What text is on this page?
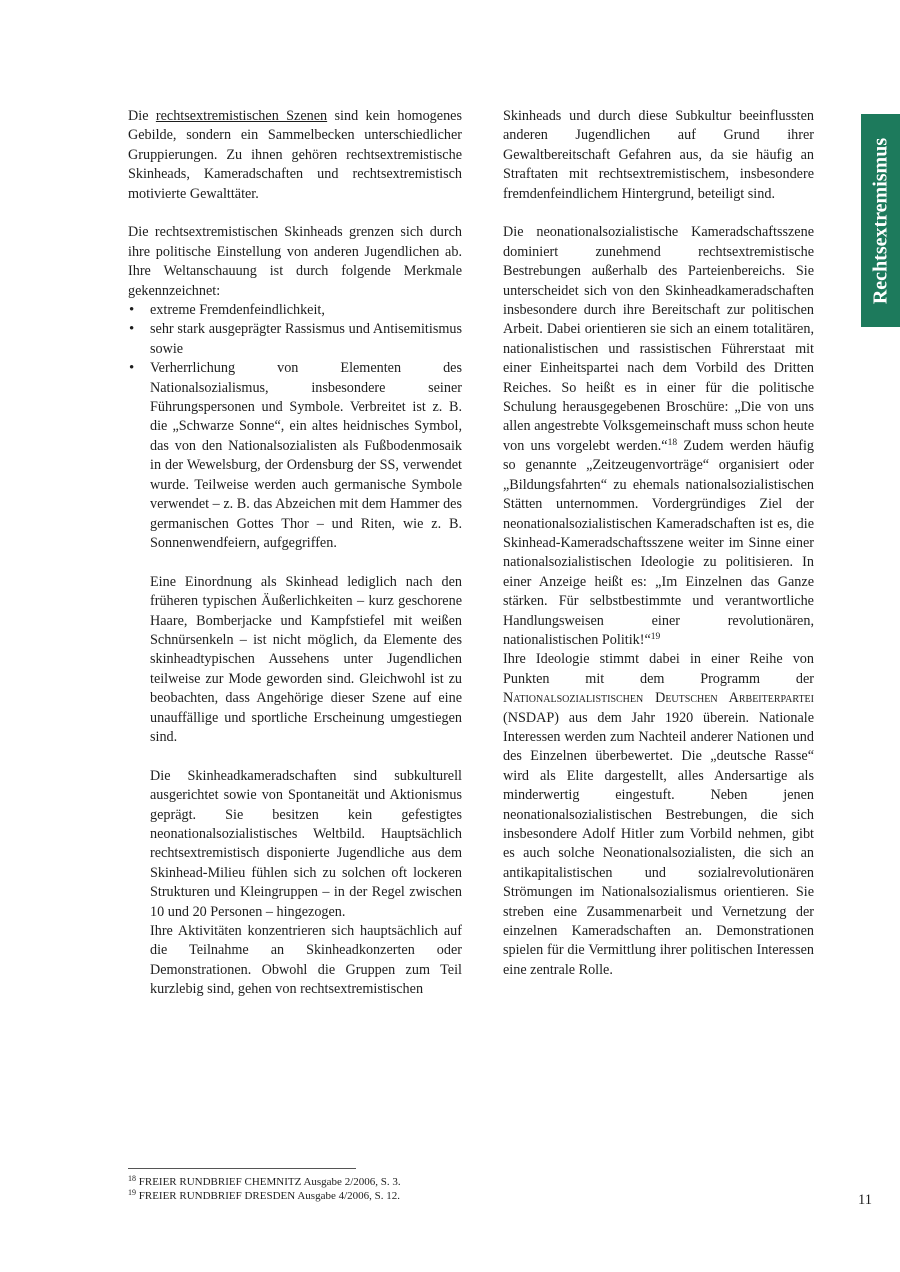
Rechtsextremismus

Die rechtsextremistischen Szenen sind kein homogenes Gebilde, sondern ein Sammelbecken unterschiedlicher Gruppierungen. Zu ihnen gehören rechtsextremistische Skinheads, Kameradschaften und rechtsextremistisch motivierte Gewalttäter.

Die rechtsextremistischen Skinheads grenzen sich durch ihre politische Einstellung von anderen Jugendlichen ab. Ihre Weltanschauung ist durch folgende Merkmale gekennzeichnet:

• extreme Fremdenfeindlichkeit,
• sehr stark ausgeprägter Rassismus und Antisemitismus sowie
• Verherrlichung von Elementen des Nationalsozialismus, insbesondere seiner Führungspersonen und Symbole. Verbreitet ist z. B. die „Schwarze Sonne“, ein altes heidnisches Symbol, das von den Nationalsozialisten als Fußbodenmosaik in der Wewelsburg, der Ordensburg der SS, verwendet wurde. Teilweise werden auch germanische Symbole verwendet – z. B. das Abzeichen mit dem Hammer des germanischen Gottes Thor – und Riten, wie z. B. Sonnenwendfeiern, aufgegriffen.

Eine Einordnung als Skinhead lediglich nach den früheren typischen Äußerlichkeiten – kurz geschorene Haare, Bomberjacke und Kampfstiefel mit weißen Schnürsenkeln – ist nicht möglich, da Elemente des skinheadtypischen Aussehens unter Jugendlichen teilweise zur Mode geworden sind. Gleichwohl ist zu beobachten, dass Angehörige dieser Szene auf eine unauffällige und sportliche Erscheinung umgestiegen sind.

Die Skinheadkameradschaften sind subkulturell ausgerichtet sowie von Spontaneität und Aktionismus geprägt. Sie besitzen kein gefestigtes neonationalsozialistisches Weltbild. Hauptsächlich rechtsextremistisch disponierte Jugendliche aus dem Skinhead-Milieu fühlen sich zu solchen oft lockeren Strukturen und Kleingruppen – in der Regel zwischen 10 und 20 Personen – hingezogen.

Ihre Aktivitäten konzentrieren sich hauptsächlich auf die Teilnahme an Skinheadkonzerten oder Demonstrationen. Obwohl die Gruppen zum Teil kurzlebig sind, gehen von rechtsextremistischen

Skinheads und durch diese Subkultur beeinflussten anderen Jugendlichen auf Grund ihrer Gewaltbereitschaft Gefahren aus, da sie häufig an Straftaten mit rechtsextremistischem, insbesondere fremdenfeindlichem Hintergrund, beteiligt sind.

Die neonationalsozialistische Kameradschaftsszene dominiert zunehmend rechtsextremistische Bestrebungen außerhalb des Parteienbereichs. Sie unterscheidet sich von den Skinheadkameradschaften insbesondere durch ihre Bereitschaft zur politischen Arbeit. Dabei orientieren sie sich an einem totalitären, nationalistischen und rassistischen Führerstaat mit einer Einheitspartei nach dem Vorbild des Dritten Reiches. So heißt es in einer für die politische Schulung herausgegebenen Broschüre: „Die von uns allen angestrebte Volksgemeinschaft muss schon heute von uns vorgelebt werden.“$^{18}$ Zudem werden häufig so genannte „Zeitzeugenvorträge“ organisiert oder „Bildungsfahrten“ zu ehemals nationalsozialistischen Stätten unternommen. Vordergründiges Ziel der neonationalsozialistischen Kameradschaften ist es, die Skinhead-Kameradschaftsszene weiter im Sinne einer nationalsozialistischen Ideologie zu politisieren. In einer Anzeige heißt es: „Im Einzelnen das Ganze stärken. Für selbstbestimmte und verantwortliche Handlungsweisen einer revolutionären, nationalistischen Politik!“$^{19}$

Ihre Ideologie stimmt dabei in einer Reihe von Punkten mit dem Programm der Nationalsozialistischen Deutschen Arbeiterpartei (NSDAP) aus dem Jahr 1920 überein. Nationale Interessen werden zum Nachteil anderer Nationen und des Einzelnen überbewertet. Die „deutsche Rasse“ wird als Elite dargestellt, alles Andersartige als minderwertig eingestuft. Neben jenen neonationalsozialistischen Bestrebungen, die sich insbesondere Adolf Hitler zum Vorbild nehmen, gibt es auch solche Neonationalsozialisten, die sich an antikapitalistischen und sozialrevolutionären Strömungen im Nationalsozialismus orientieren. Sie streben eine Zusammenarbeit und Vernetzung der einzelnen Kameradschaften an. Demonstrationen spielen für die Vermittlung ihrer politischen Interessen eine zentrale Rolle.

$^{18}$ FREIER RUNDBRIEF CHEMNITZ Ausgabe 2/2006, S. 3.
$^{19}$ FREIER RUNDBRIEF DRESDEN Ausgabe 4/2006, S. 12.	11
